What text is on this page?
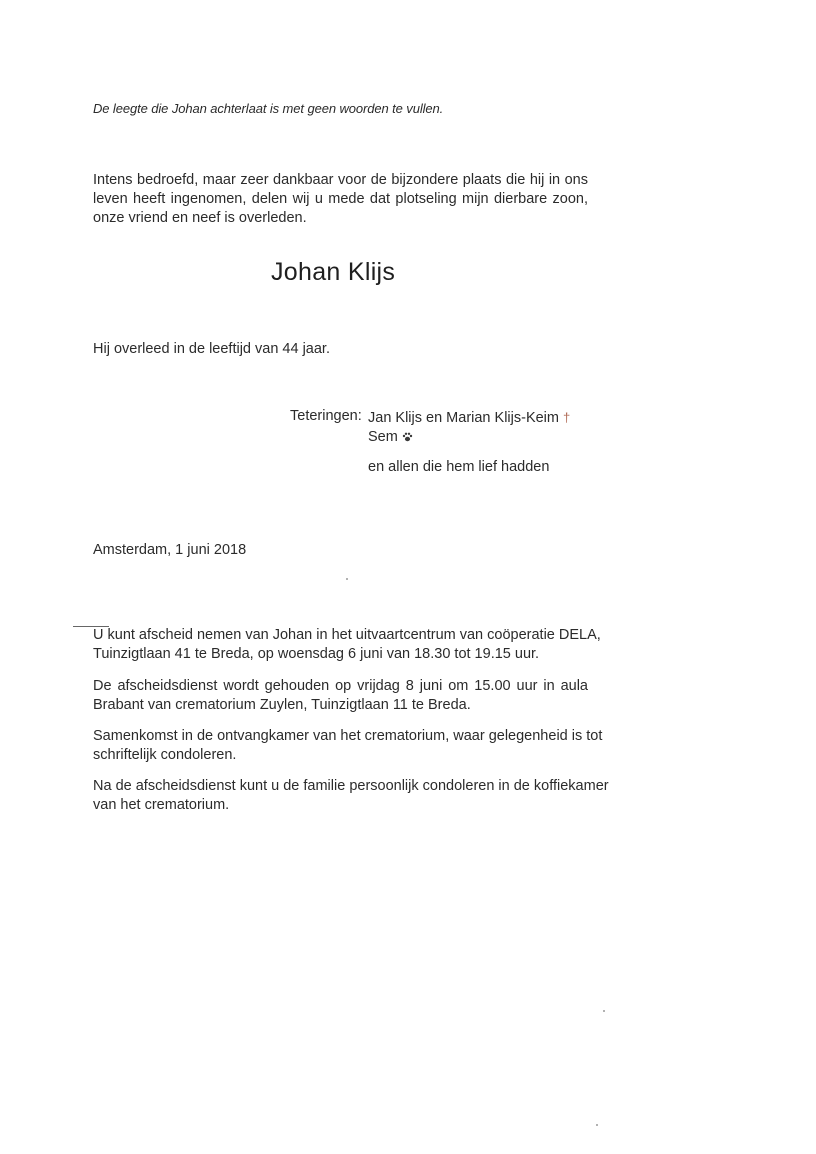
De leegte die Johan achterlaat is met geen woorden te vullen.
Intens bedroefd, maar zeer dankbaar voor de bijzondere plaats die hij in ons
leven heeft ingenomen, delen wij u mede dat plotseling mijn dierbare zoon,
onze vriend en neef is overleden.
Johan Klijs
Hij overleed in de leeftijd van 44 jaar.
Teteringen: Jan Klijs en Marian Klijs-Keim †
Sem
en allen die hem lief hadden
Amsterdam, 1 juni 2018
U kunt afscheid nemen van Johan in het uitvaartcentrum van coöperatie DELA,
Tuinzigtlaan 41 te Breda, op woensdag 6 juni van 18.30 tot 19.15 uur.
De afscheidsdienst wordt gehouden op vrijdag 8 juni om 15.00 uur in aula
Brabant van crematorium Zuylen, Tuinzigtlaan 11 te Breda.
Samenkomst in de ontvangkamer van het crematorium, waar gelegenheid is tot
schriftelijk condoleren.
Na de afscheidsdienst kunt u de familie persoonlijk condoleren in de koffiekamer
van het crematorium.
